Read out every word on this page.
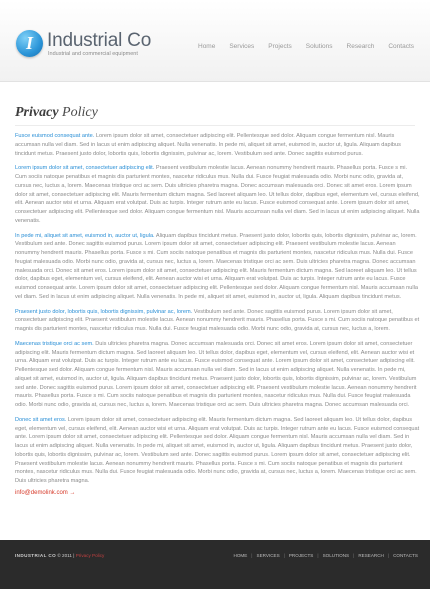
I Industrial Co
Industrial and commercial equipment
Home Services Projects Solutions Research Contacts
Privacy Policy

Fusce euismod consequat ante. Lorem ipsum dolor sit amet, consectetuer adipiscing elit. Pellentesque sed dolor. Aliquam congue fermentum nisl. Mauris accumsan nulla vel diam. Sed in lacus ut enim adipiscing aliquet. Nulla venenatis. In pede mi, aliquet sit amet, euismod in, auctor ut, ligula. Aliquam dapibus tincidunt metus. Praesent justo dolor, lobortis quis, lobortis dignissim, pulvinar ac, lorem. Vestibulum sed ante. Donec sagittis euismod purus.

Lorem ipsum dolor sit amet, consectetuer adipiscing elit. Praesent vestibulum molestie lacus. Aenean nonummy hendrerit mauris. Phasellus porta. Fusce s mi. Cum sociis natoque penatibus et magnis dis parturient montes, nascetur ridiculus mus. Nulla dui. Fusce feugiat malesuada odio. Morbi nunc odio, gravida at, cursus nec, luctus a, lorem. Maecenas tristique orci ac sem. Duis ultricies pharetra magna. Donec accumsan malesuada orci. Donec sit amet eros. Lorem ipsum dolor sit amet, consectetuer adipiscing elit. Mauris fermentum dictum magna. Sed laoreet aliquam leo. Ut tellus dolor, dapibus eget, elementum vel, cursus eleifend, elit. Aenean auctor wisi et urna. Aliquam erat volutpat. Duis ac turpis. Integer rutrum ante eu lacus. Fusce euismod consequat ante. Lorem ipsum dolor sit amet, consectetuer adipiscing elit. Pellentesque sed dolor. Aliquam congue fermentum nisl. Mauris accumsan nulla vel diam. Sed in lacus ut enim adipiscing aliquet. Nulla venenatis.

In pede mi, aliquet sit amet, euismod in, auctor ut, ligula. Aliquam dapibus tincidunt metus. Praesent justo dolor, lobortis quis, lobortis dignissim, pulvinar ac, lorem. Vestibulum sed ante. Donec sagittis euismod purus. Lorem ipsum dolor sit amet, consectetuer adipiscing elit. Praesent vestibulum molestie lacus. Aenean nonummy hendrerit mauris. Phasellus porta. Fusce s mi. Cum sociis natoque penatibus et magnis dis parturient montes, nascetur ridiculus mus. Nulla dui. Fusce feugiat malesuada odio. Morbi nunc odio, gravida at, cursus nec, luctus a, lorem. Maecenas tristique orci ac sem. Duis ultricies pharetra magna. Donec accumsan malesuada orci. Donec sit amet eros. Lorem ipsum dolor sit amet, consectetuer adipiscing elit. Mauris fermentum dictum magna. Sed laoreet aliquam leo. Ut tellus dolor, dapibus eget, elementum vel, cursus eleifend, elit. Aenean auctor wisi et urna. Aliquam erat volutpat. Duis ac turpis. Integer rutrum ante eu lacus. Fusce euismod consequat ante. Lorem ipsum dolor sit amet, consectetuer adipiscing elit. Pellentesque sed dolor. Aliquam congue fermentum nisl. Mauris accumsan nulla vel diam. Sed in lacus ut enim adipiscing aliquet. Nulla venenatis. In pede mi, aliquet sit amet, euismod in, auctor ut, ligula. Aliquam dapibus tincidunt metus.

Praesent justo dolor, lobortis quis, lobortis dignissim, pulvinar ac, lorem. Vestibulum sed ante. Donec sagittis euismod purus. Lorem ipsum dolor sit amet, consectetuer adipiscing elit. Praesent vestibulum molestie lacus. Aenean nonummy hendrerit mauris. Phasellus porta. Fusce s mi. Cum sociis natoque penatibus et magnis dis parturient montes, nascetur ridiculus mus. Nulla dui. Fusce feugiat malesuada odio. Morbi nunc odio, gravida at, cursus nec, luctus a, lorem.

Maecenas tristique orci ac sem. Duis ultricies pharetra magna. Donec accumsan malesuada orci. Donec sit amet eros. Lorem ipsum dolor sit amet, consectetuer adipiscing elit. Mauris fermentum dictum magna. Sed laoreet aliquam leo. Ut tellus dolor, dapibus eget, elementum vel, cursus eleifend, elit. Aenean auctor wisi et urna. Aliquam erat volutpat. Duis ac turpis. Integer rutrum ante eu lacus. Fusce euismod consequat ante. Lorem ipsum dolor sit amet, consectetuer adipiscing elit. Pellentesque sed dolor. Aliquam congue fermentum nisl. Mauris accumsan nulla vel diam. Sed in lacus ut enim adipiscing aliquet. Nulla venenatis. In pede mi, aliquet sit amet, euismod in, auctor ut, ligula. Aliquam dapibus tincidunt metus. Praesent justo dolor, lobortis quis, lobortis dignissim, pulvinar ac, lorem. Vestibulum sed ante. Donec sagittis euismod purus. Lorem ipsum dolor sit amet, consectetuer adipiscing elit. Praesent vestibulum molestie lacus. Aenean nonummy hendrerit mauris. Phasellus porta. Fusce s mi. Cum sociis natoque penatibus et magnis dis parturient montes, nascetur ridiculus mus. Nulla dui. Fusce feugiat malesuada odio. Morbi nunc odio, gravida at, cursus nec, luctus a, lorem. Maecenas tristique orci ac sem. Duis ultricies pharetra magna. Donec accumsan malesuada orci.

Donec sit amet eros. Lorem ipsum dolor sit amet, consectetuer adipiscing elit. Mauris fermentum dictum magna. Sed laoreet aliquam leo. Ut tellus dolor, dapibus eget, elementum vel, cursus eleifend, elit. Aenean auctor wisi et urna. Aliquam erat volutpat. Duis ac turpis. Integer rutrum ante eu lacus. Fusce euismod consequat ante. Lorem ipsum dolor sit amet, consectetuer adipiscing elit. Pellentesque sed dolor. Aliquam congue fermentum nisl. Mauris accumsan nulla vel diam. Sed in lacus ut enim adipiscing aliquet. Nulla venenatis. In pede mi, aliquet sit amet, euismod in, auctor ut, ligula. Aliquam dapibus tincidunt metus. Praesent justo dolor, lobortis quis, lobortis dignissim, pulvinar ac, lorem. Vestibulum sed ante. Donec sagittis euismod purus. Lorem ipsum dolor sit amet, consectetuer adipiscing elit. Praesent vestibulum molestie lacus. Aenean nonummy hendrerit mauris. Phasellus porta. Fusce s mi. Cum sociis natoque penatibus et magnis dis parturient montes, nascetur ridiculus mus. Nulla dui. Fusce feugiat malesuada odio. Morbi nunc odio, gravida at, cursus nec, luctus a, lorem. Maecenas tristique orci ac sem. Duis ultricies pharetra magna.

info@demolink.com →
INDUSTRIAL CO © 2011 | Privacy Policy	HOME | SERVICES | PROJECTS | SOLUTIONS | RESEARCH | CONTACTS
